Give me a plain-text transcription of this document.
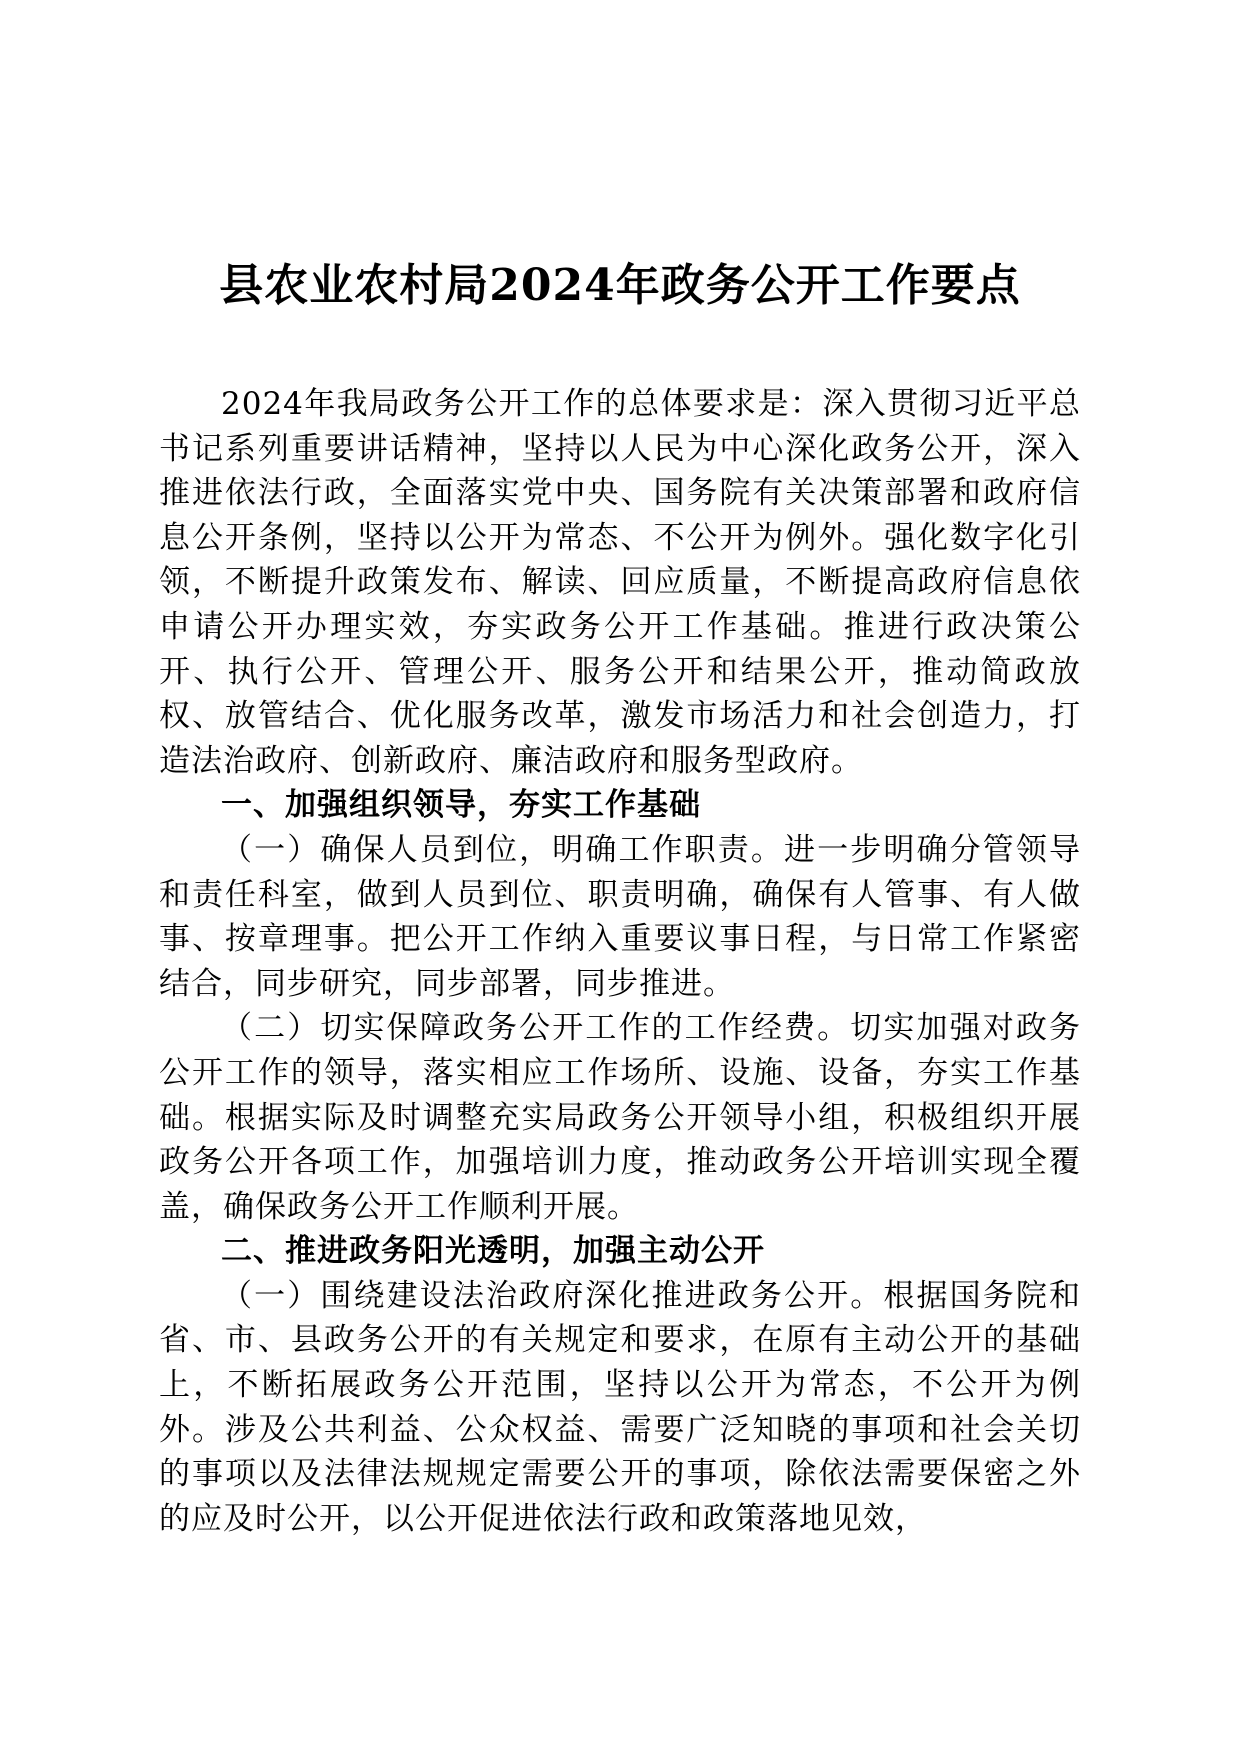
县农业农村局2024年政务公开工作要点

2024年我局政务公开工作的总体要求是：深入贯彻习近平总书记系列重要讲话精神，坚持以人民为中心深化政务公开，深入推进依法行政，全面落实党中央、国务院有关决策部署和政府信息公开条例，坚持以公开为常态、不公开为例外。强化数字化引领，不断提升政策发布、解读、回应质量，不断提高政府信息依申请公开办理实效，夯实政务公开工作基础。推进行政决策公开、执行公开、管理公开、服务公开和结果公开，推动简政放权、放管结合、优化服务改革，激发市场活力和社会创造力，打造法治政府、创新政府、廉洁政府和服务型政府。

一、加强组织领导，夯实工作基础

（一）确保人员到位，明确工作职责。进一步明确分管领导和责任科室，做到人员到位、职责明确，确保有人管事、有人做事、按章理事。把公开工作纳入重要议事日程，与日常工作紧密结合，同步研究，同步部署，同步推进。

（二）切实保障政务公开工作的工作经费。切实加强对政务公开工作的领导，落实相应工作场所、设施、设备，夯实工作基础。根据实际及时调整充实局政务公开领导小组，积极组织开展政务公开各项工作，加强培训力度，推动政务公开培训实现全覆盖，确保政务公开工作顺利开展。

二、推进政务阳光透明，加强主动公开

（一）围绕建设法治政府深化推进政务公开。根据国务院和省、市、县政务公开的有关规定和要求，在原有主动公开的基础上，不断拓展政务公开范围，坚持以公开为常态，不公开为例外。涉及公共利益、公众权益、需要广泛知晓的事项和社会关切的事项以及法律法规规定需要公开的事项，除依法需要保密之外的应及时公开，以公开促进依法行政和政策落地见效，
